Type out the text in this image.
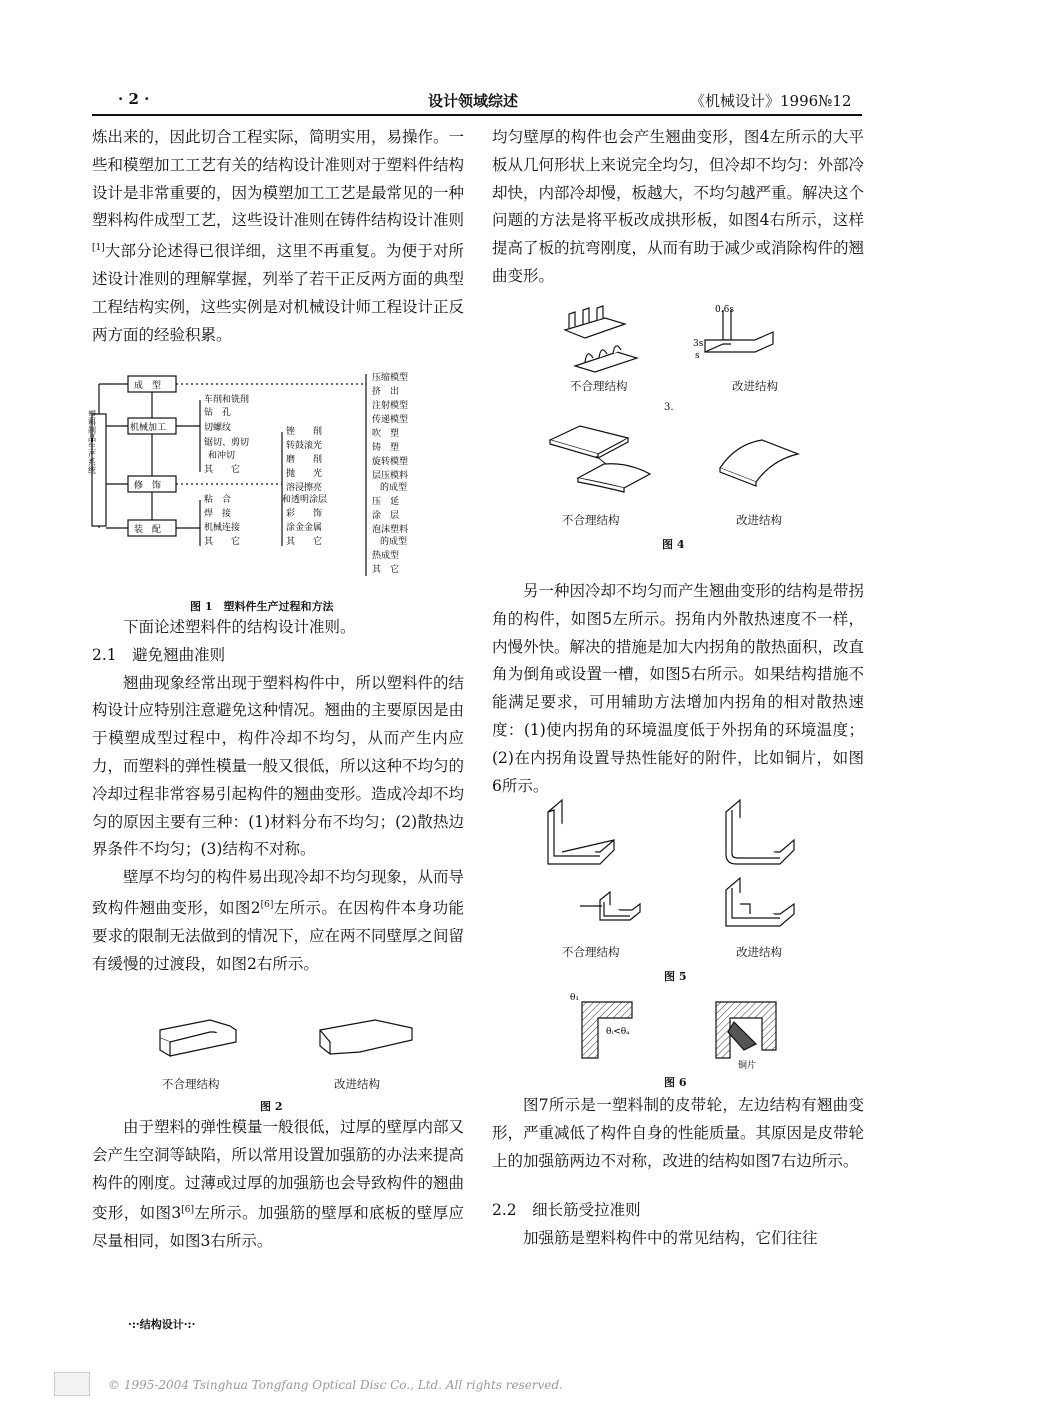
· 2 ·	设计领域综述	《机械设计》1996№12

炼出来的，因此切合工程实际，简明实用，易操作。一些和模塑加工工艺有关的结构设计准则对于塑料件结构设计是非常重要的，因为模塑加工工艺是最常见的一种塑料构件成型工艺，这些设计准则在铸件结构设计准则[1]大部分论述得已很详细，这里不再重复。为便于对所述设计准则的理解掌握，列举了若干正反两方面的典型工程结构实例，这些实例是对机械设计师工程设计正反两方面的经验积累。

塑料制品生产系统
成　型
机械加工
修　饰
装　配
车削和铣削
钻　孔
切螺纹
锯切、剪切
和冲切
其　　它
锉　　削
转鼓滚光
磨　　削
抛　　光
溶浸擦亮
和透明涂层
彩　　饰
涂金金属
其　　它
粘　合
焊　接
机械连接
其　　它
压缩模型
挤　出
注射模型
传递模型
吹　塑
铸　塑
旋转模塑
层压模料
的成型
压　延
涂　层
泡沫塑料
的成型
热成型
其　它
图 1　塑料件生产过程和方法

下面论述塑料件的结构设计准则。

2.1　避免翘曲准则

翘曲现象经常出现于塑料构件中，所以塑料件的结构设计应特别注意避免这种情况。翘曲的主要原因是由于模塑成型过程中，构件冷却不均匀，从而产生内应力，而塑料的弹性模量一般又很低，所以这种不均匀的冷却过程非常容易引起构件的翘曲变形。造成冷却不均匀的原因主要有三种：(1)材料分布不均匀；(2)散热边界条件不均匀；(3)结构不对称。

壁厚不均匀的构件易出现冷却不均匀现象，从而导致构件翘曲变形，如图2[6]左所示。在因构件本身功能要求的限制无法做到的情况下，应在两不同壁厚之间留有缓慢的过渡段，如图2右所示。

不合理结构	改进结构
图 2

由于塑料的弹性模量一般很低，过厚的壁厚内部又会产生空洞等缺陷，所以常用设置加强筋的办法来提高构件的刚度。过薄或过厚的加强筋也会导致构件的翘曲变形，如图3[6]左所示。加强筋的壁厚和底板的壁厚应尽量相同，如图3右所示。

均匀壁厚的构件也会产生翘曲变形，图4左所示的大平板从几何形状上来说完全均匀，但冷却不均匀：外部冷却快，内部冷却慢，板越大，不均匀越严重。解决这个问题的方法是将平板改成拱形板，如图4右所示，这样提高了板的抗弯刚度，从而有助于减少或消除构件的翘曲变形。

0.6s
3s
s
不合理结构	改进结构
3.
不合理结构	改进结构
图 4

另一种因冷却不均匀而产生翘曲变形的结构是带拐角的构件，如图5左所示。拐角内外散热速度不一样，内慢外快。解决的措施是加大内拐角的散热面积，改直角为倒角或设置一槽，如图5右所示。如果结构措施不能满足要求，可用辅助方法增加内拐角的相对散热速度：(1)使内拐角的环境温度低于外拐角的环境温度；(2)在内拐角设置导热性能好的附件，比如铜片，如图6所示。

不合理结构	改进结构
图 5
θ₁
θᵢ<θₐ
铜片
图 6

图7所示是一塑料制的皮带轮，左边结构有翘曲变形，严重减低了构件自身的性能质量。其原因是皮带轮上的加强筋两边不对称，改进的结构如图7右边所示。

2.2　细长筋受拉准则

加强筋是塑料构件中的常见结构，它们往往

·:·结构设计·:·
© 1995-2004 Tsinghua Tongfang Optical Disc Co., Ltd. All rights reserved.
